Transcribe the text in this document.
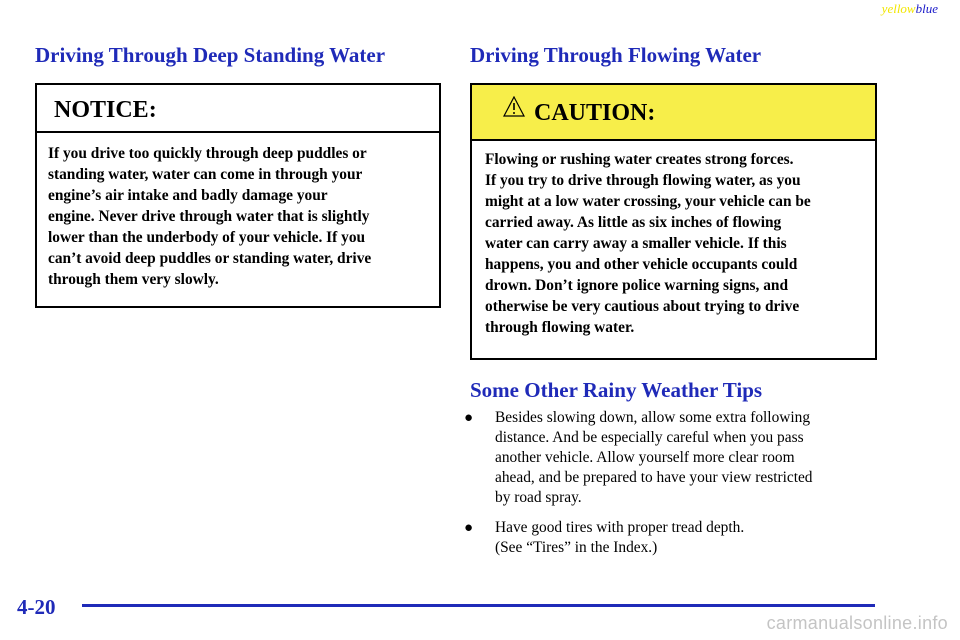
yellowblue
Driving Through Deep Standing Water
NOTICE:
If you drive too quickly through deep puddles or
standing water, water can come in through your
engine’s air intake and badly damage your
engine. Never drive through water that is slightly
lower than the underbody of your vehicle. If you
can’t avoid deep puddles or standing water, drive
through them very slowly.
Driving Through Flowing Water
CAUTION:
Flowing or rushing water creates strong forces.
If you try to drive through flowing water, as you
might at a low water crossing, your vehicle can be
carried away. As little as six inches of flowing
water can carry away a smaller vehicle. If this
happens, you and other vehicle occupants could
drown. Don’t ignore police warning signs, and
otherwise be very cautious about trying to drive
through flowing water.
Some Other Rainy Weather Tips
● Besides slowing down, allow some extra following
distance. And be especially careful when you pass
another vehicle. Allow yourself more clear room
ahead, and be prepared to have your view restricted
by road spray.
● Have good tires with proper tread depth.
(See “Tires” in the Index.)
4-20
carmanualsonline.info
